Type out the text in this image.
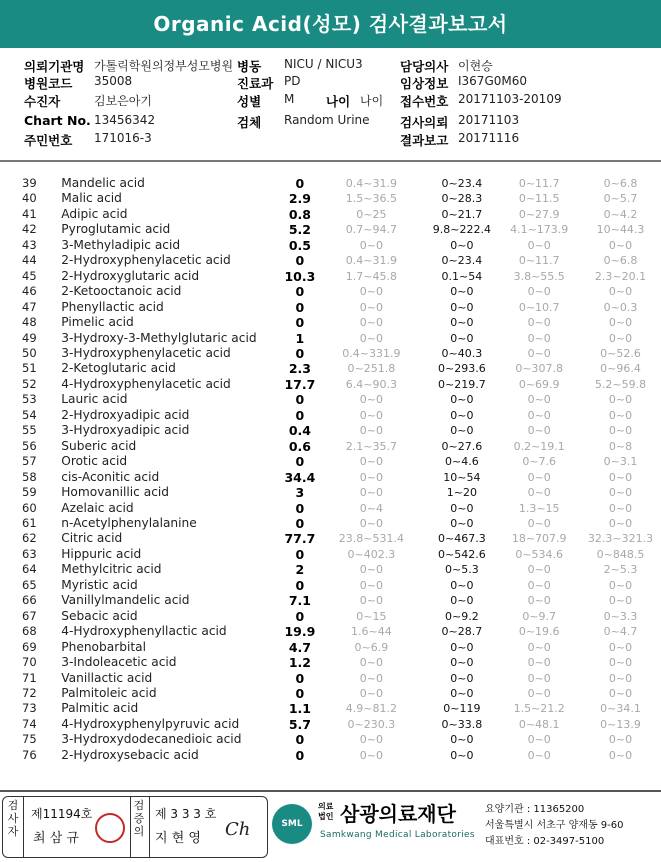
Organic Acid(성모) 검사결과보고서
의뢰기관명 가톨릭학원의정부성모병원 병동 NICU / NICU3	담당의사 이현승
병원코드 35008	진료과 PD	임상정보 I367G0M60
수진자	김보은아기	성별 M	나이 나이 접수번호 20171103-20109
Chart No. 13456342	검체 Random Urine 검사의뢰 20171103
주민번호 171016-3	결과보고 20171116
39	Mandelic acid	0	0.4~31.9	0~23.4	0~11.7	0~6.8
40	Malic acid	2.9	1.5~36.5	0~28.3	0~11.5	0~5.7
41	Adipic acid	0.8	0~25	0~21.7	0~27.9	0~4.2
42	Pyroglutamic acid	5.2	0.7~94.7	9.8~222.4	4.1~173.9	10~44.3
43	3-Methyladipic acid	0.5	0~0	0~0	0~0	0~0
44	2-Hydroxyphenylacetic acid	0	0.4~31.9	0~23.4	0~11.7	0~6.8
45	2-Hydroxyglutaric acid	10.3	1.7~45.8	0.1~54	3.8~55.5	2.3~20.1
46	2-Ketooctanoic acid	0	0~0	0~0	0~0	0~0
47	Phenyllactic acid	0	0~0	0~0	0~10.7	0~0.3
48	Pimelic acid	0	0~0	0~0	0~0	0~0
49	3-Hydroxy-3-Methylglutaric acid	1	0~0	0~0	0~0	0~0
50	3-Hydroxyphenylacetic acid	0	0.4~331.9	0~40.3	0~0	0~52.6
51	2-Ketoglutaric acid	2.3	0~251.8	0~293.6	0~307.8	0~96.4
52	4-Hydroxyphenylacetic acid	17.7	6.4~90.3	0~219.7	0~69.9	5.2~59.8
53	Lauric acid	0	0~0	0~0	0~0	0~0
54	2-Hydroxyadipic acid	0	0~0	0~0	0~0	0~0
55	3-Hydroxyadipic acid	0.4	0~0	0~0	0~0	0~0
56	Suberic acid	0.6	2.1~35.7	0~27.6	0.2~19.1	0~8
57	Orotic acid	0	0~0	0~4.6	0~7.6	0~3.1
58	cis-Aconitic acid	34.4	0~0	10~54	0~0	0~0
59	Homovanillic acid	3	0~0	1~20	0~0	0~0
60	Azelaic acid	0	0~4	0~0	1.3~15	0~0
61	n-Acetylphenylalanine	0	0~0	0~0	0~0	0~0
62	Citric acid	77.7	23.8~531.4	0~467.3	18~707.9	32.3~321.3
63	Hippuric acid	0	0~402.3	0~542.6	0~534.6	0~848.5
64	Methylcitric acid	2	0~0	0~5.3	0~0	2~5.3
65	Myristic acid	0	0~0	0~0	0~0	0~0
66	Vanillylmandelic acid	7.1	0~0	0~0	0~0	0~0
67	Sebacic acid	0	0~15	0~9.2	0~9.7	0~3.3
68	4-Hydroxyphenyllactic acid	19.9	1.6~44	0~28.7	0~19.6	0~4.7
69	Phenobarbital	4.7	0~6.9	0~0	0~0	0~0
70	3-Indoleacetic acid	1.2	0~0	0~0	0~0	0~0
71	Vanillactic acid	0	0~0	0~0	0~0	0~0
72	Palmitoleic acid	0	0~0	0~0	0~0	0~0
73	Palmitic acid	1.1	4.9~81.2	0~119	1.5~21.2	0~34.1
74	4-Hydroxyphenylpyruvic acid	5.7	0~230.3	0~33.8	0~48.1	0~13.9
75	3-Hydroxydodecanedioic acid	0	0~0	0~0	0~0	0~0
76	2-Hydroxysebacic acid	0	0~0	0~0	0~0	0~0
검사자
제11194호
최 삼 규
검증의
제 3 3 3 호
지 현 영 Ch	SML
의료법인 삼광의료재단
Samkwang Medical Laboratories
요양기관 : 11365200
서울특별시 서초구 양재동 9-60
대표번호 : 02-3497-5100
